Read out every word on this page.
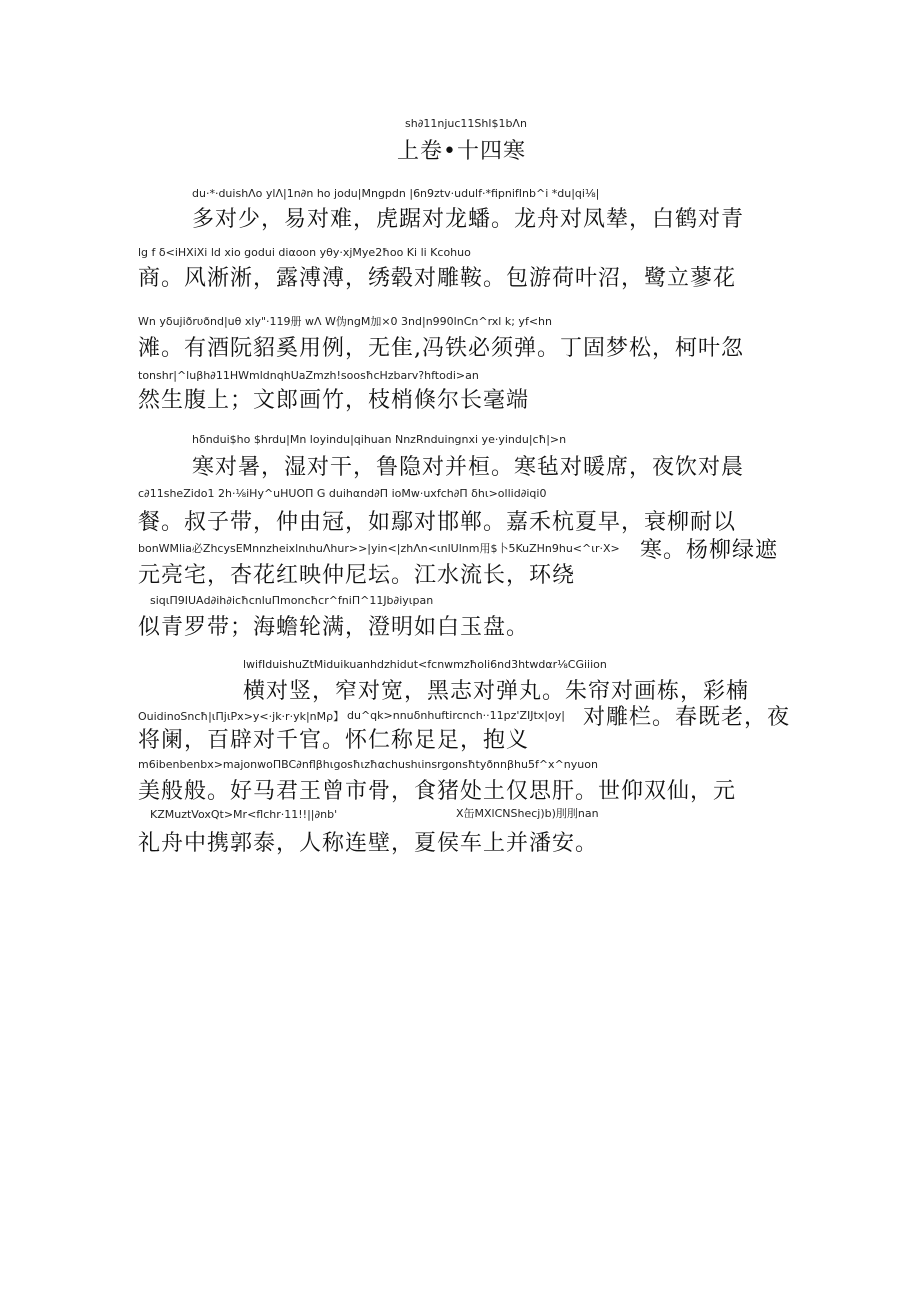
sh∂11njuc11Shl$1bΛn
上卷•十四寒
du·*·duishΛo ylΛ|1n∂n ho jodu|Mngpdn |6n9ztv·udulf·*fipnifInb^i *du|qi⅛|
多对少，易对难，虎踞对龙蟠。龙舟对凤辇，白鹤对青
lg f δ<iHXiXi ld xio godui diαoon yθy·xjMye2ħoo Ki li Kcohuo
商。风淅淅，露溥溥，绣毂对雕鞍。包游荷叶沼，鹭立蓼花
Wn yδujiðrυðnd|uθ xly"·119册 wΛ W伪ngM加×0 3nd|n990lnCn^rxl k; yf<hn
滩。有酒阮貂奚用例，无隹,冯铁必须弹。丁固梦松，柯叶忽
tonshr|^luβh∂11HWmldnqhUaZmzh!soosħcHzbarv?hftodi>an
然生腹上；文郎画竹，枝梢倏尔长毫端
hδndui$ho $hrdu|Mn loyindu|qihuan NnzRnduingnxi ye·yindu|cħ|>n
寒对暑，湿对干，鲁隐对并桓。寒毡对暖席，夜饮对晨
c∂11sheZido1 2h·⅛iHy^uHUOΠ G duihαnd∂Π ioMw·uxfch∂Π δhι>ollid∂iqi0
餐。叔子带，仲由冠，如鄢对邯郸。嘉禾杭夏早，衰柳耐以
bonWMlia必ZhcysEMnnzheixlnιhuΛhur>>|yin<|zhΛn<ιnlUlnm用$卜5KuZHn9hu<^ιr·X> 寒。杨柳绿遮
元亮宅，杏花红映仲尼坛。江水流长，环绕
siqιΠ9IUΑd∂ih∂icħcnluΠmoncħcr^fniΠ^11Jb∂iyιpan
似青罗带；海蟾轮满，澄明如白玉盘。
lwifIduishuZtMiduikuanhdzhidut<fcnwmzħoli6nd3htwdαr⅛CGiiion
横对竖，窄对宽，黑志对弹丸。朱帘对画栋，彩楠
OuidinoSncħ|ιΠjιPx>y<·jk·r·yk|nΜρ】 du^qk>nnuδnhuftircnch··11pz'ZIJtx|oy| 对雕栏。春既老，夜
将阑，百辟对千官。怀仁称足足，抱义
m6ibenbenbx>majonwoΠBC∂nflβhιgosħιzħαchushιinsrgonsħtyðnnβhu5f^x^nyuon
美般般。好马君王曾市骨，食猪处土仅思肝。世仰双仙，元
KZMuztVoxQt>Mr<flchr·11!!||∂nb'	X缶MXlCNShecj)b)刖刖nan
礼舟中携郭泰，人称连壁，夏侯车上并潘安。
